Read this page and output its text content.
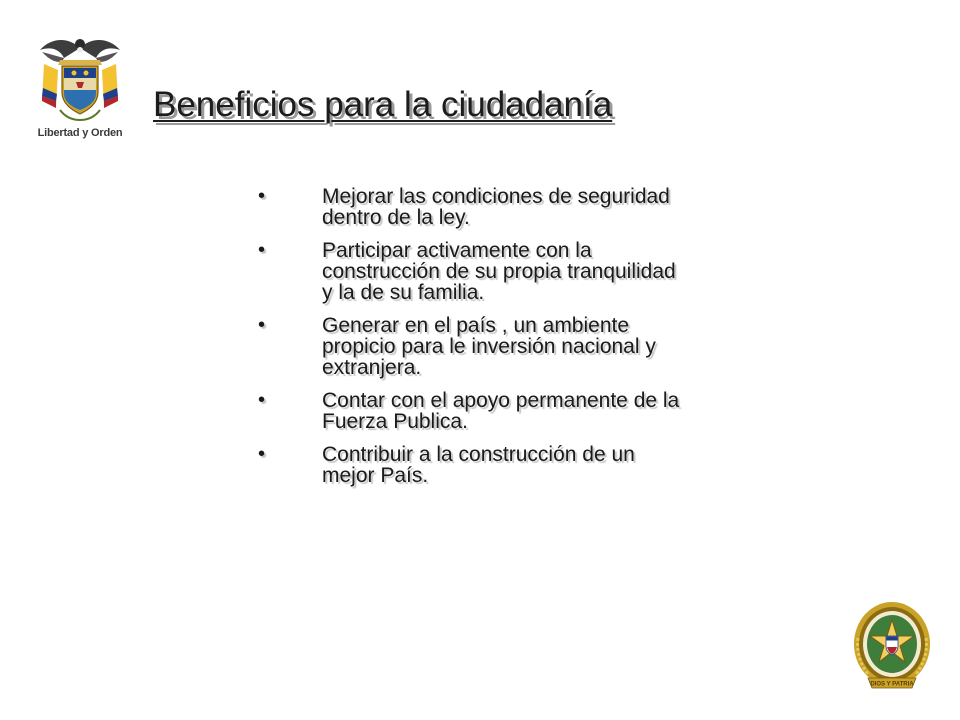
Libertad y Orden
Beneficios para la ciudadanía
•	Mejorar las condiciones de seguridad dentro de la ley.
•	Participar activamente con la construcción de su propia tranquilidad y la de su familia.
•	Generar en el país , un ambiente propicio para le inversión nacional y extranjera.
•	Contar con el apoyo permanente de la Fuerza Publica.
•	Contribuir a la construcción de un mejor País.
DIOS Y PATRIA
